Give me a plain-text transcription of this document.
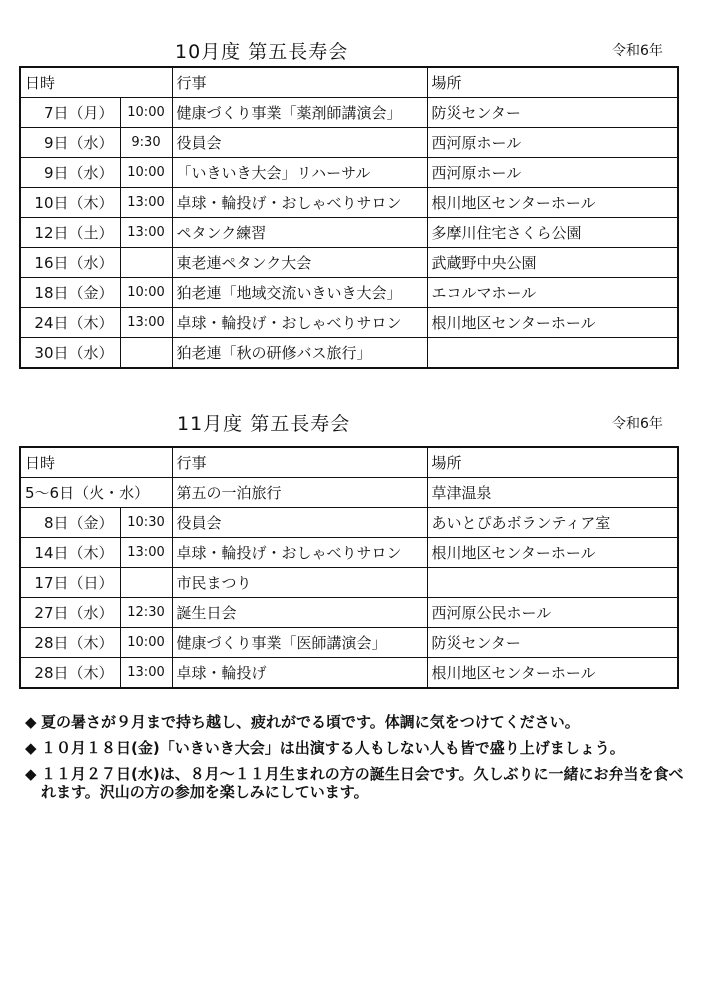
10月度 第五長寿会	令和6年
日時		行事	場所
7日（月）	10:00	健康づくり事業「薬剤師講演会」	防災センター
9日（水）	9:30	役員会	西河原ホール
9日（水）	10:00	「いきいき大会」リハーサル	西河原ホール
10日（木）	13:00	卓球・輪投げ・おしゃべりサロン	根川地区センターホール
12日（土）	13:00	ペタンク練習	多摩川住宅さくら公園
16日（水）		東老連ペタンク大会	武蔵野中央公園
18日（金）	10:00	狛老連「地域交流いきいき大会」	エコルマホール
24日（木）	13:00	卓球・輪投げ・おしゃべりサロン	根川地区センターホール
30日（水）		狛老連「秋の研修バス旅行」	
11月度 第五長寿会	令和6年
日時		行事	場所
5～6日（火・水）		第五の一泊旅行	草津温泉
8日（金）	10:30	役員会	あいとぴあボランティア室
14日（木）	13:00	卓球・輪投げ・おしゃべりサロン	根川地区センターホール
17日（日）		市民まつり	
27日（水）	12:30	誕生日会	西河原公民ホール
28日（木）	10:00	健康づくり事業「医師講演会」	防災センター
28日（木）	13:00	卓球・輪投げ	根川地区センターホール
◆ 夏の暑さが９月まで持ち越し、疲れがでる頃です。体調に気をつけてください。
◆ １０月１８日(金)「いきいき大会」は出演する人もしない人も皆で盛り上げましょう。
◆ １１月２７日(水)は、８月～１１月生まれの方の誕生日会です。久しぶりに一緒にお弁当を食べれます。沢山の方の参加を楽しみにしています。
